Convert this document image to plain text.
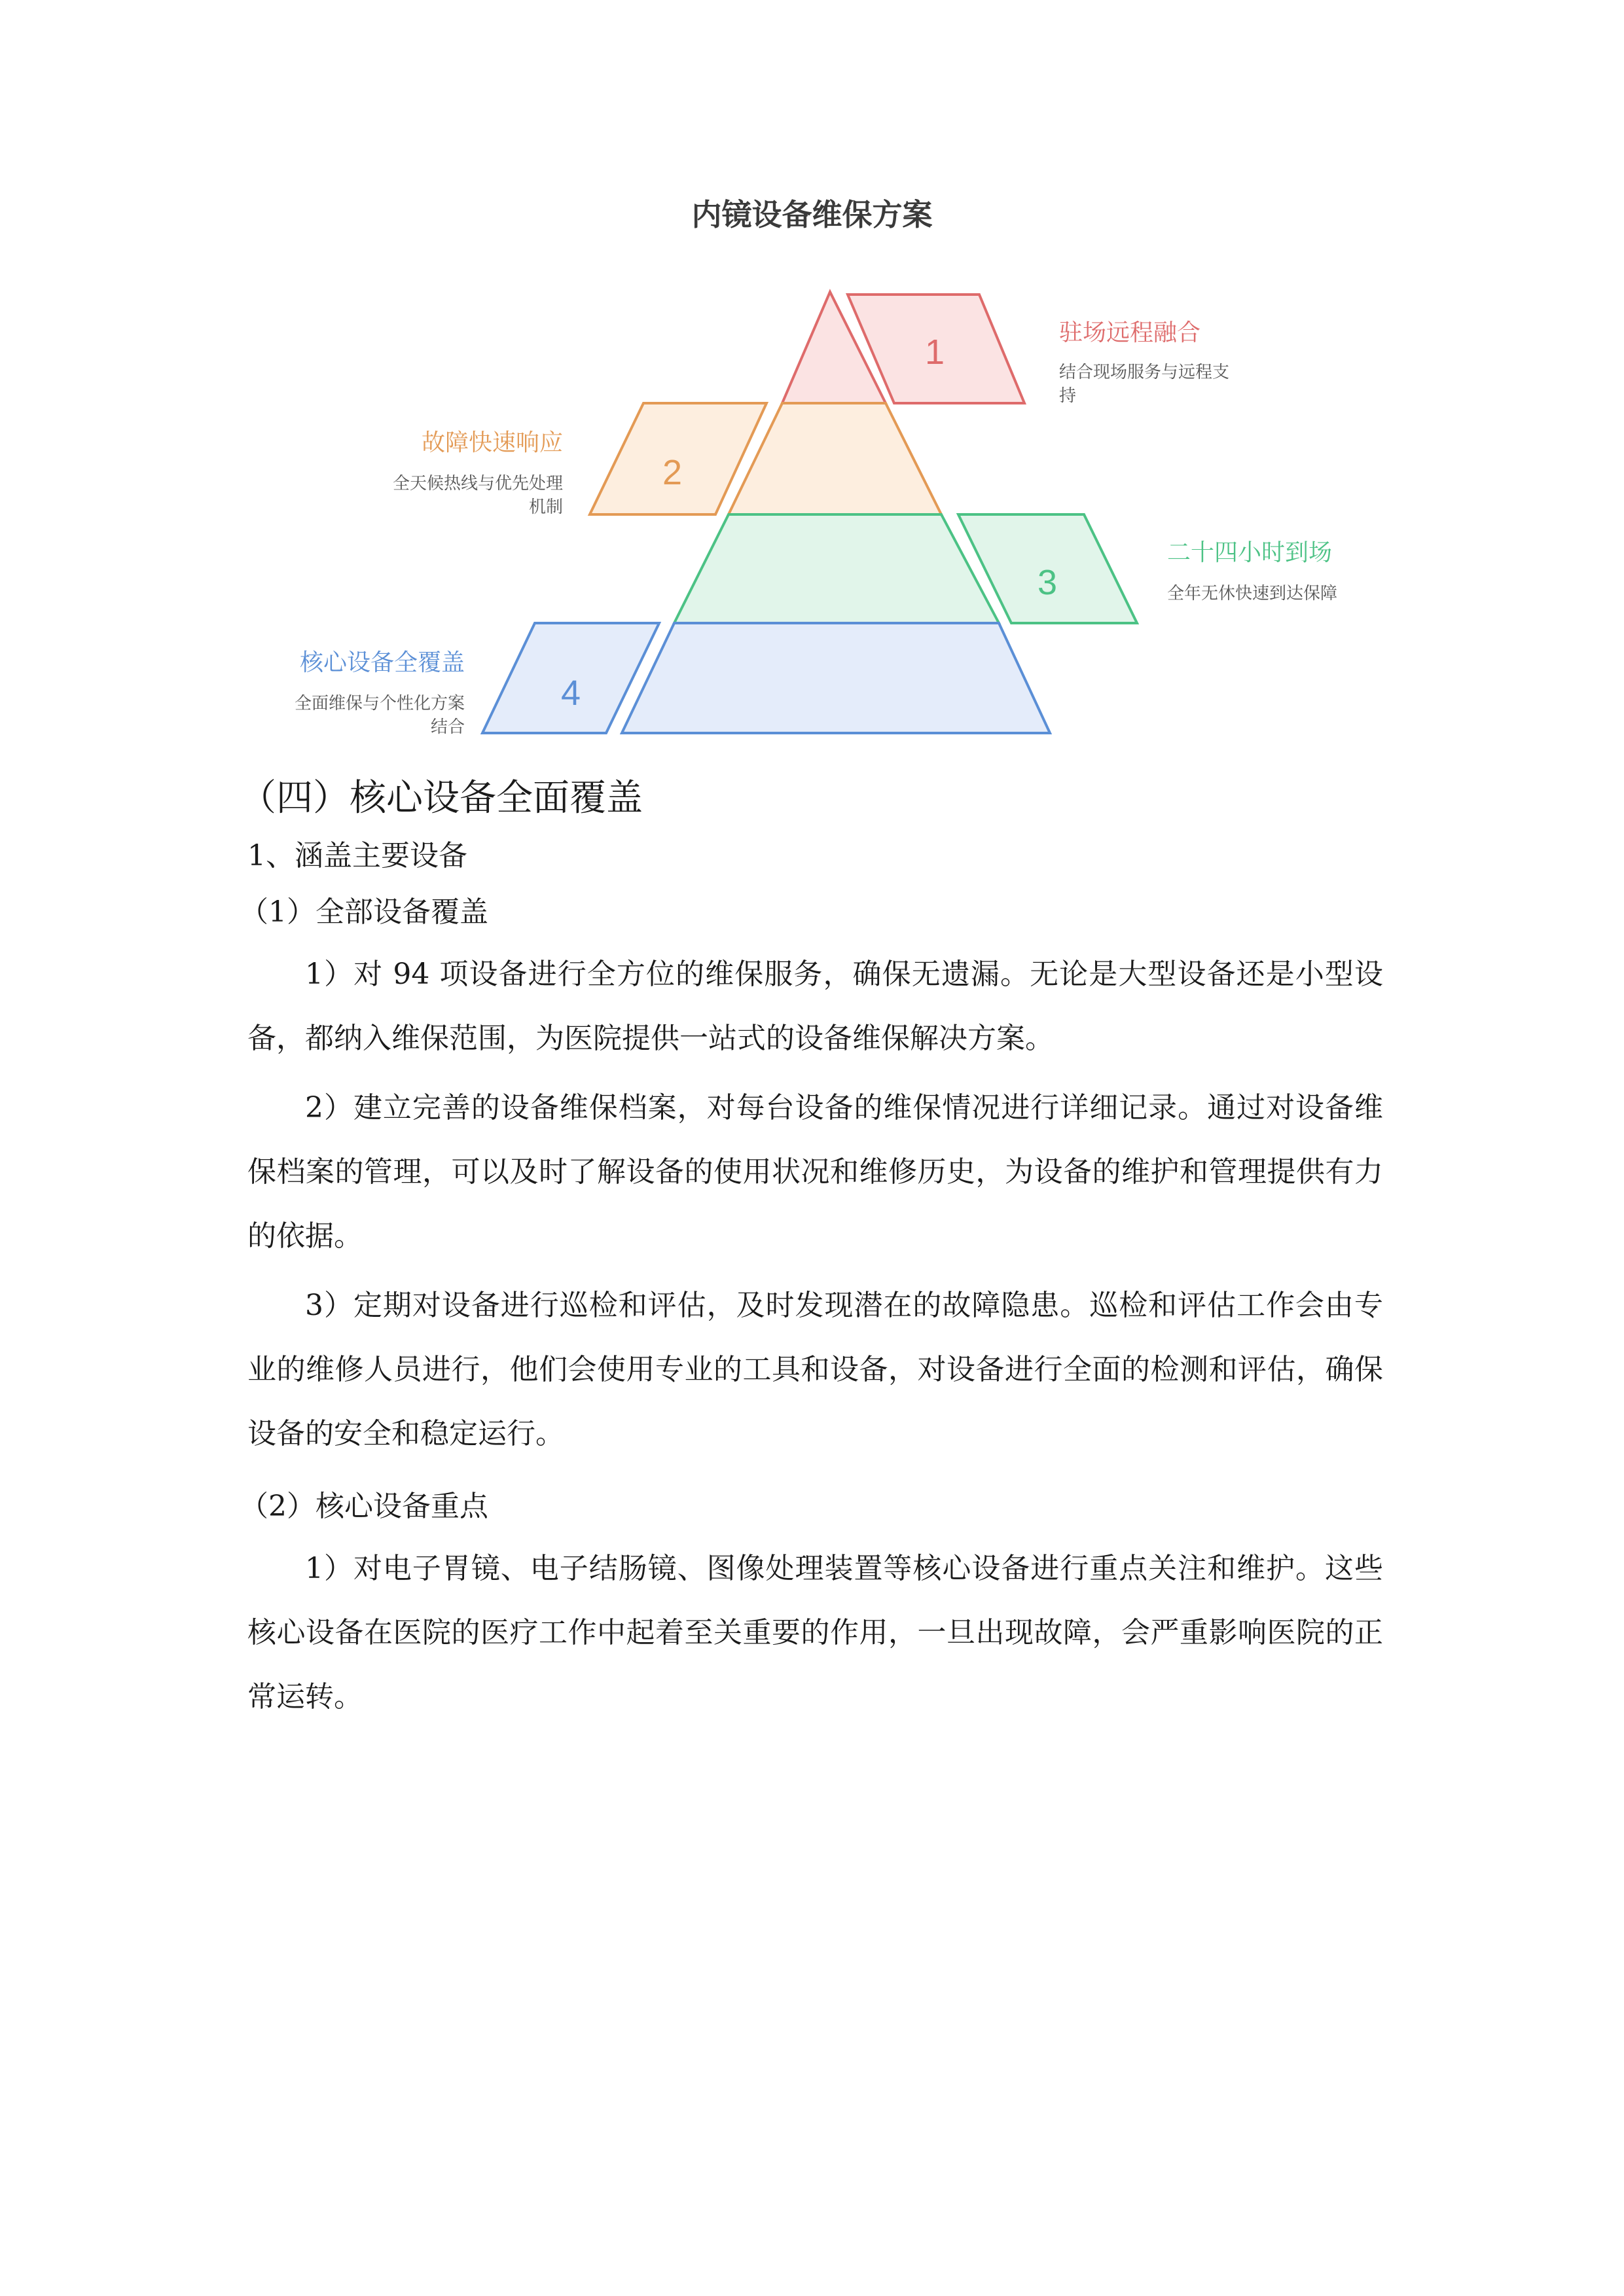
内镜设备维保方案
1
2
3
4
驻场远程融合
结合现场服务与远程支
持
故障快速响应
全天候热线与优先处理
机制
二十四小时到场
全年无休快速到达保障
核心设备全覆盖
全面维保与个性化方案
结合
（四）核心设备全面覆盖
1、涵盖主要设备
（1）全部设备覆盖

1）对 94 项设备进行全方位的维保服务，确保无遗漏。无论是大型设备还是小型设备，都纳入维保范围，为医院提供一站式的设备维保解决方案。

2）建立完善的设备维保档案，对每台设备的维保情况进行详细记录。通过对设备维保档案的管理，可以及时了解设备的使用状况和维修历史，为设备的维护和管理提供有力的依据。

3）定期对设备进行巡检和评估，及时发现潜在的故障隐患。巡检和评估工作会由专业的维修人员进行，他们会使用专业的工具和设备，对设备进行全面的检测和评估，确保设备的安全和稳定运行。

（2）核心设备重点

1）对电子胃镜、电子结肠镜、图像处理装置等核心设备进行重点关注和维护。这些核心设备在医院的医疗工作中起着至关重要的作用，一旦出现故障，会严重影响医院的正常运转。
